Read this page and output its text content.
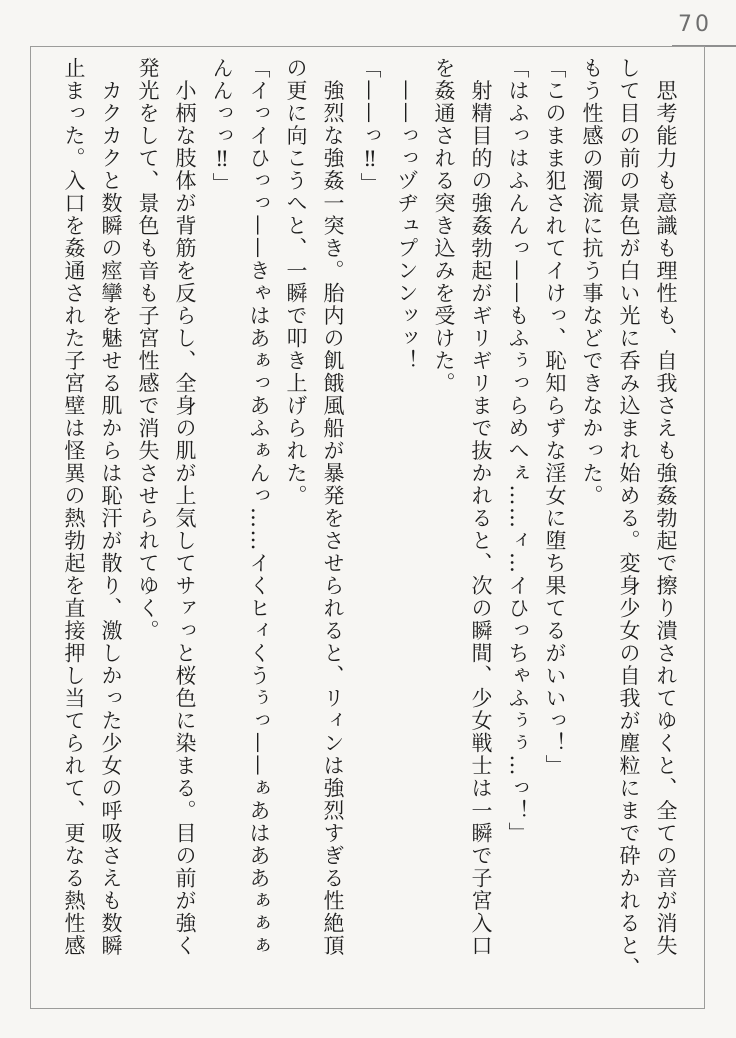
70
　思考能力も意識も理性も、自我さえも強姦勃起で擦り潰されてゆくと、全ての音が消失
して目の前の景色が白い光に呑み込まれ始める。変身少女の自我が塵粒にまで砕かれると、
もう性感の濁流に抗う事などできなかった。
「このまま犯されてイけっ、恥知らずな淫女に堕ち果てるがいいっ！」
「はふっはふんんっ——もふぅっらめへぇ……ィ…イひっちゃふぅぅ…っ！」
　射精目的の強姦勃起がギリギリまで抜かれると、次の瞬間、少女戦士は一瞬で子宮入口
を姦通される突き込みを受けた。
　——っっヅヂュプンンッッ！
「——っ‼」
　強烈な強姦一突き。胎内の飢餓風船が暴発をさせられると、リィンは強烈すぎる性絶頂
の更に向こうへと、一瞬で叩き上げられた。
「イっイひっっ——きゃはあぁっあふぁんっ……イくヒィくうぅっ——ぁあはああぁぁぁ
んんっっ‼」
　小柄な肢体が背筋を反らし、全身の肌が上気してサァっと桜色に染まる。目の前が強く
発光をして、景色も音も子宮性感で消失させられてゆく。
　カクカクと数瞬の痙攣を魅せる肌からは恥汗が散り、激しかった少女の呼吸さえも数瞬
止まった。入口を姦通された子宮壁は怪異の熱勃起を直接押し当てられて、更なる熱性感
